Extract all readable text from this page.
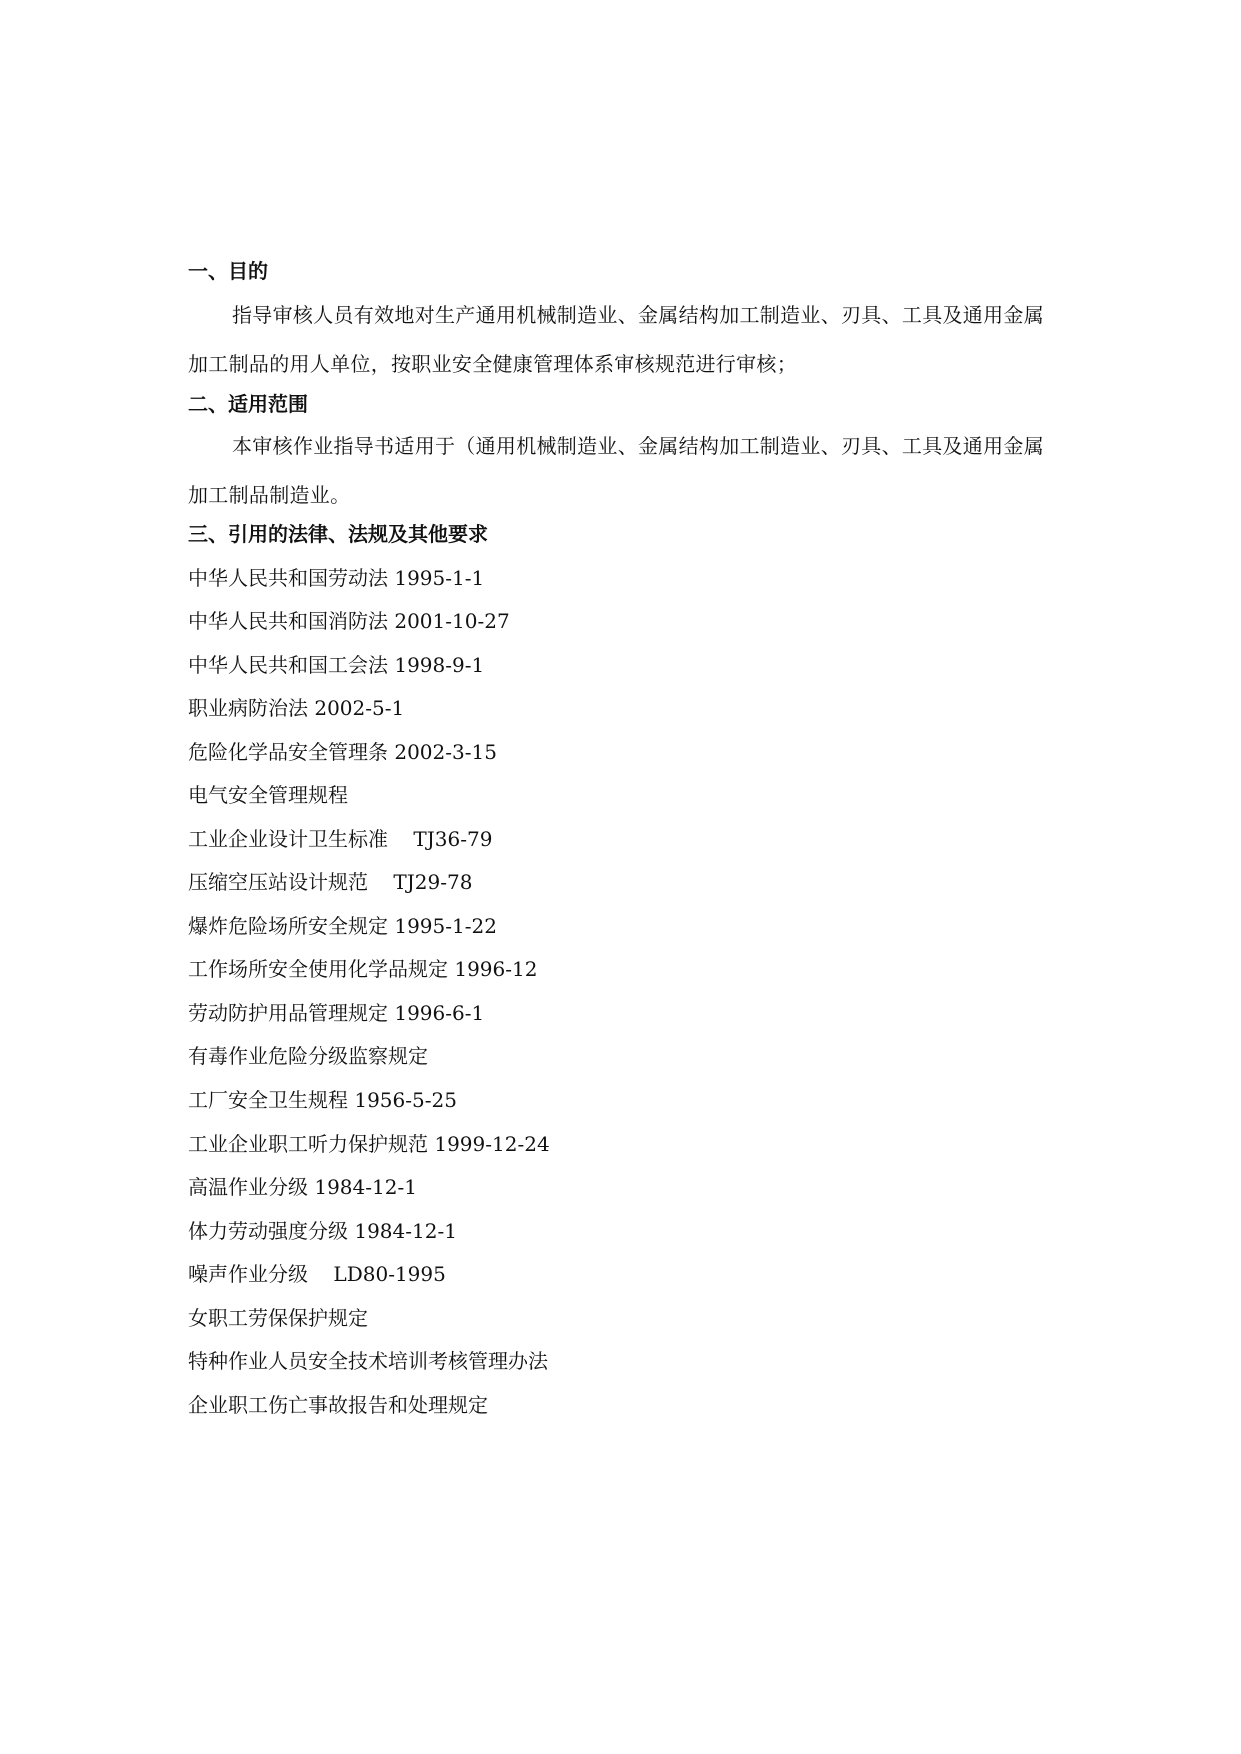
一、目的
指导审核人员有效地对生产通用机械制造业、金属结构加工制造业、刃具、工具及通用金属加工制品的用人单位，按职业安全健康管理体系审核规范进行审核；
二、适用范围
本审核作业指导书适用于（通用机械制造业、金属结构加工制造业、刃具、工具及通用金属加工制品制造业。
三、引用的法律、法规及其他要求
中华人民共和国劳动法 1995-1-1
中华人民共和国消防法 2001-10-27
中华人民共和国工会法 1998-9-1
职业病防治法 2002-5-1
危险化学品安全管理条 2002-3-15
电气安全管理规程
工业企业设计卫生标准    TJ36-79
压缩空压站设计规范    TJ29-78
爆炸危险场所安全规定 1995-1-22
工作场所安全使用化学品规定 1996-12
劳动防护用品管理规定 1996-6-1
有毒作业危险分级监察规定
工厂安全卫生规程 1956-5-25
工业企业职工听力保护规范 1999-12-24
高温作业分级 1984-12-1
体力劳动强度分级 1984-12-1
噪声作业分级    LD80-1995
女职工劳保保护规定
特种作业人员安全技术培训考核管理办法
企业职工伤亡事故报告和处理规定
